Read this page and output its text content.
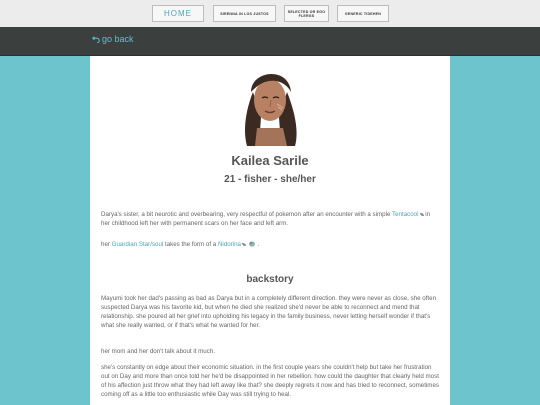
HOME	SIRENNA IN LOS JUSTOS	SELECTED OR EGO FLERGS	GENERIC TIDEHEN
go back
Kailea Sarile
21 - fisher - she/her
Darya's sister, a bit neurotic and overbearing, very respectful of pokemon after an encounter with a simple Tentacool in her childhood left her with permanent scars on her face and left arm.
her Guardian Star/soul takes the form of a Nidorina .
backstory
Mayumi took her dad's passing as bad as Darya but in a completely different direction. they were never as close, she often suspected Darya was his favorite kid, but when he died she realized she'd never be able to reconnect and mend that relationship. she poured all her grief into upholding his legacy in the family business, never letting herself wonder if that's what she really wanted, or if that's what he wanted for her.
her mom and her don't talk about it much.
she's constantly on edge about their economic situation. in the first couple years she couldn't help but take her frustration out on Day and more than once told her he'd be disappointed in her rebellion. how could the daughter that clearly held most of his affection just throw what they had left away like that? she deeply regrets it now and has tried to reconnect, sometimes coming off as a little too enthusiastic while Day was still trying to heal.
